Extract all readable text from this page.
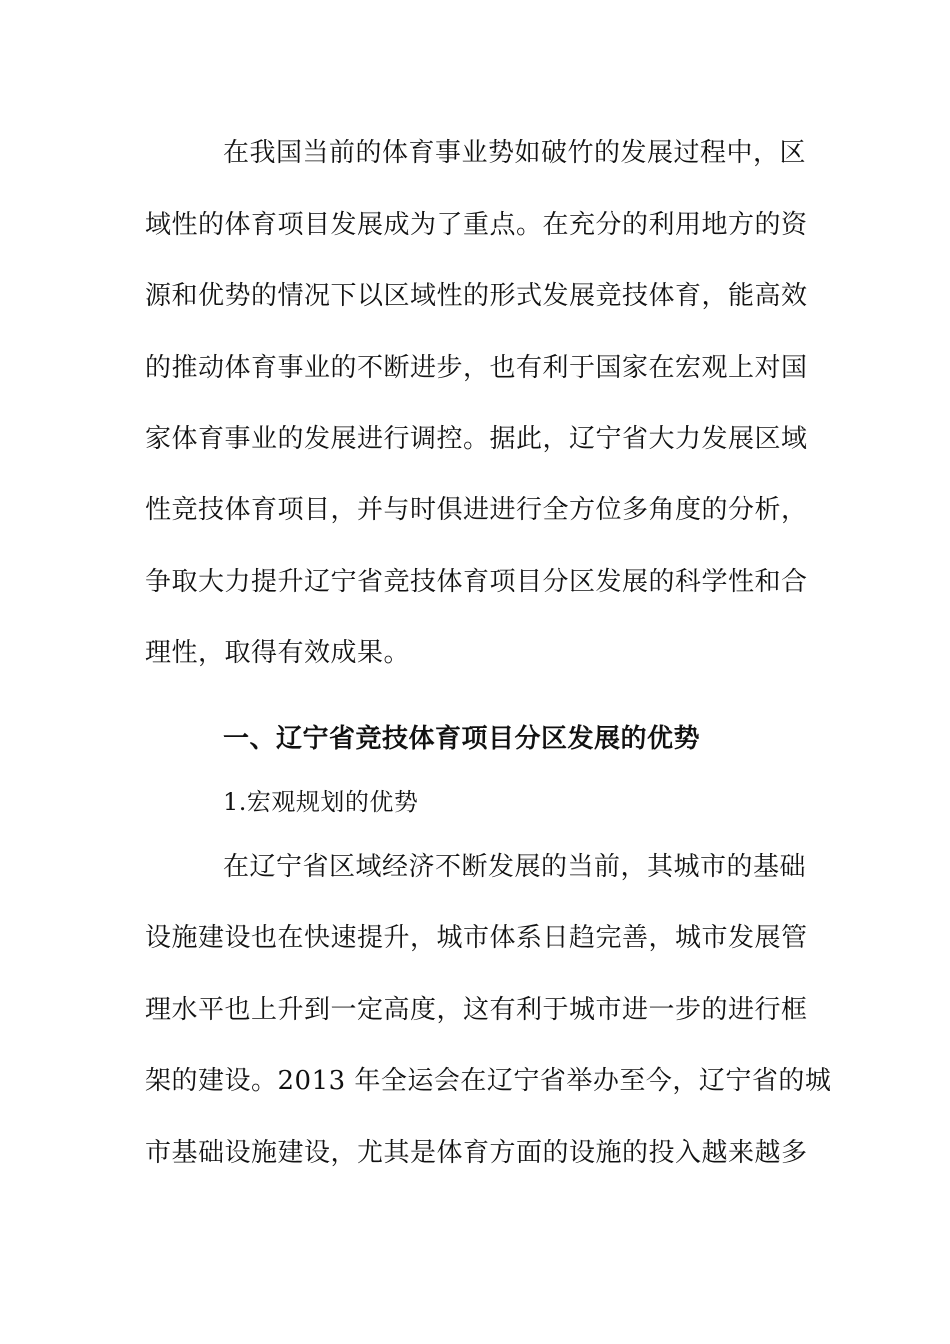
在我国当前的体育事业势如破竹的发展过程中，区
域性的体育项目发展成为了重点。在充分的利用地方的资
源和优势的情况下以区域性的形式发展竞技体育，能高效
的推动体育事业的不断进步，也有利于国家在宏观上对国
家体育事业的发展进行调控。据此，辽宁省大力发展区域
性竞技体育项目，并与时俱进进行全方位多角度的分析，
争取大力提升辽宁省竞技体育项目分区发展的科学性和合
理性，取得有效成果。
一、辽宁省竞技体育项目分区发展的优势
1.宏观规划的优势
在辽宁省区域经济不断发展的当前，其城市的基础
设施建设也在快速提升，城市体系日趋完善，城市发展管
理水平也上升到一定高度，这有利于城市进一步的进行框
架的建设。2013 年全运会在辽宁省举办至今，辽宁省的城
市基础设施建设，尤其是体育方面的设施的投入越来越多
